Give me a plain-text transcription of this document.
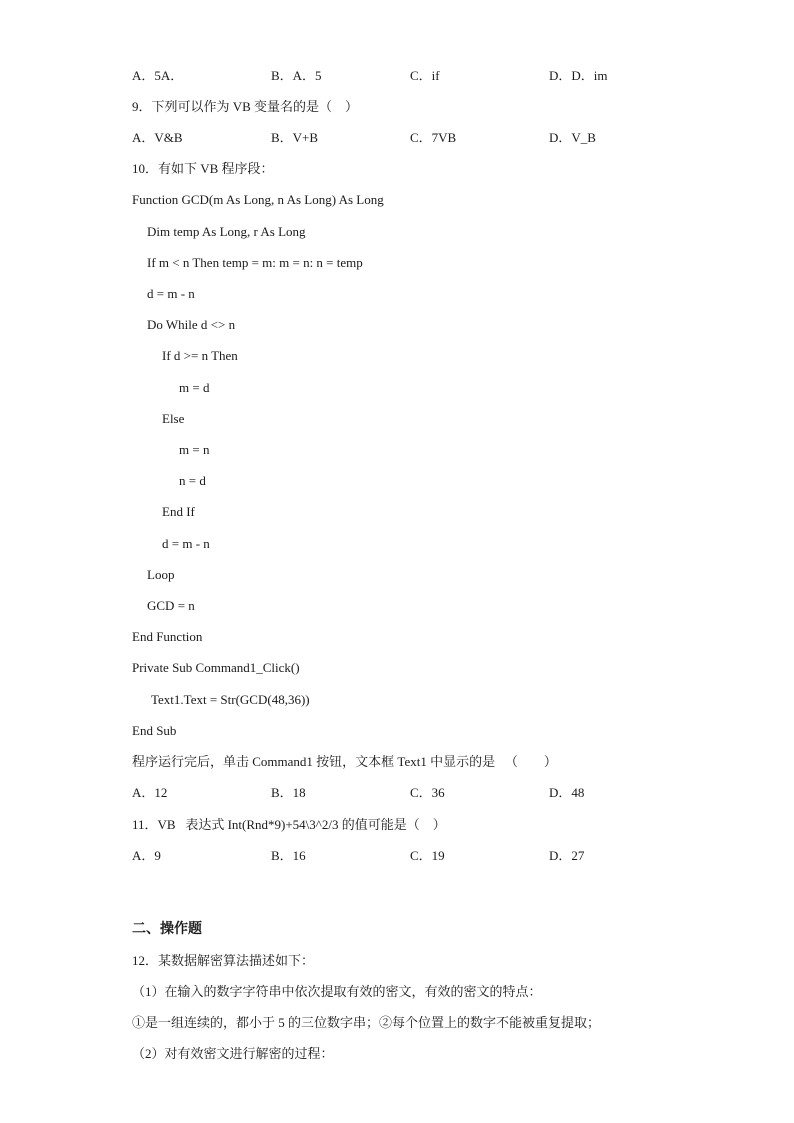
A．5A．	B．A．5	C．if	D．D．im
9．下列可以作为 VB 变量名的是（    ）
A．V&B	B．V+B	C．7VB	D．V_B
10．有如下 VB 程序段：
Function GCD(m As Long, n As Long) As Long
Dim temp As Long, r As Long
If m < n Then temp = m: m = n: n = temp
d = m - n
Do While d <> n
If d >= n Then
m = d
Else
m = n
n = d
End If
d = m - n
Loop
GCD = n
End Function
Private Sub Command1_Click()
Text1.Text = Str(GCD(48,36))
End Sub
程序运行完后，单击 Command1 按钮，文本框 Text1 中显示的是   （        ）
A．12	B．18	C．36	D．48
11．VB   表达式 Int(Rnd*9)+54\3^2/3 的值可能是（    ）
A．9	B．16	C．19	D．27
二、操作题
12．某数据解密算法描述如下：
（1）在输入的数字字符串中依次提取有效的密文，有效的密文的特点：
①是一组连续的，都小于 5 的三位数字串；②每个位置上的数字不能被重复提取；
（2）对有效密文进行解密的过程：
